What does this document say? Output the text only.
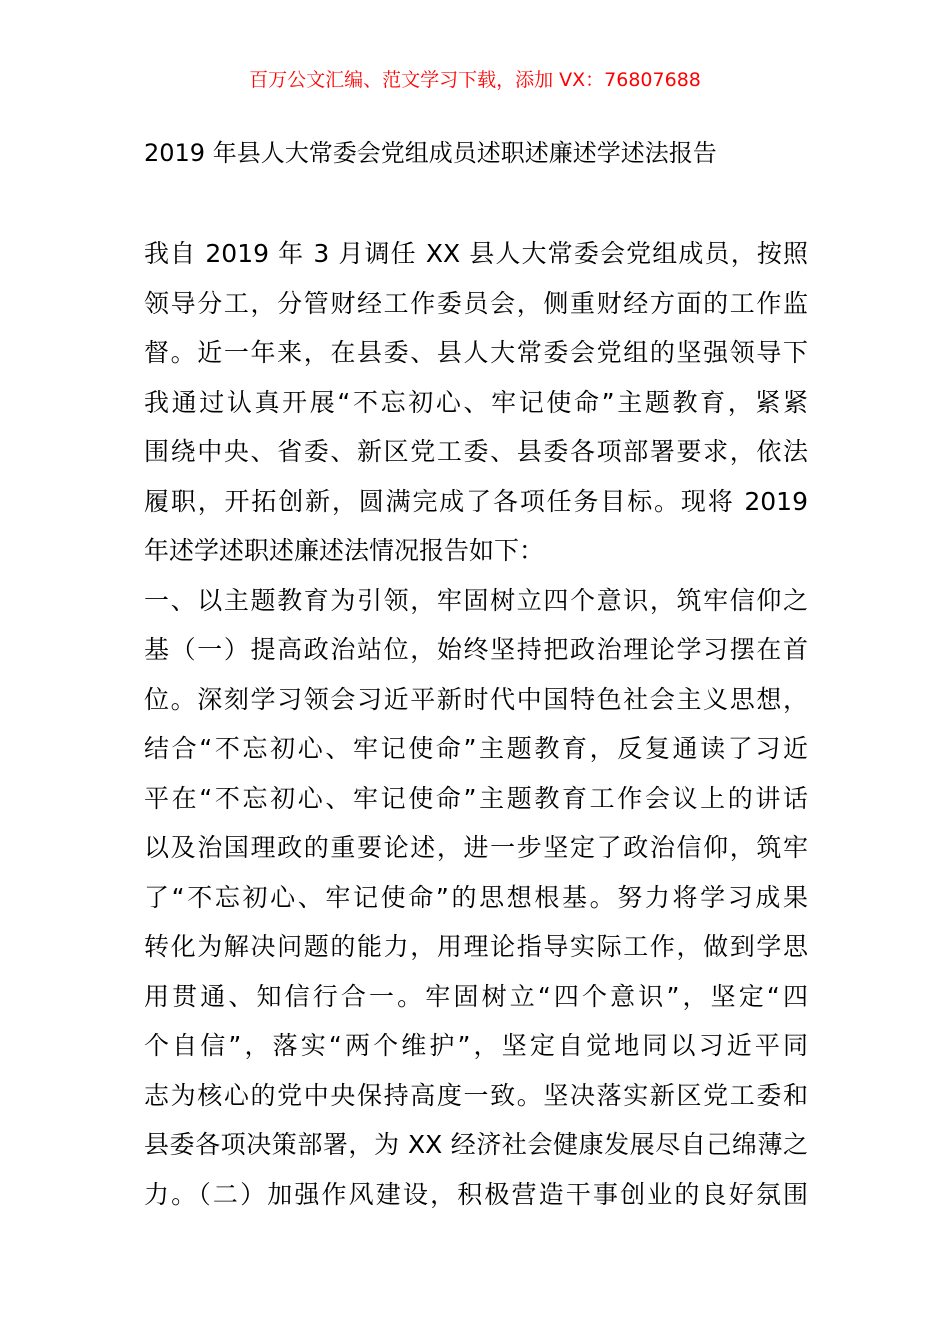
百万公文汇编、范文学习下载，添加 VX：76807688
2019 年县人大常委会党组成员述职述廉述学述法报告
我自 2019 年 3 月调任 XX 县人大常委会党组成员，按照
领导分工，分管财经工作委员会，侧重财经方面的工作监
督。近一年来，在县委、县人大常委会党组的坚强领导下
我通过认真开展“不忘初心、牢记使命”主题教育，紧紧
围绕中央、省委、新区党工委、县委各项部署要求，依法
履职，开拓创新，圆满完成了各项任务目标。现将 2019
年述学述职述廉述法情况报告如下：
一、以主题教育为引领，牢固树立四个意识，筑牢信仰之
基（一）提高政治站位，始终坚持把政治理论学习摆在首
位。深刻学习领会习近平新时代中国特色社会主义思想，
结合“不忘初心、牢记使命”主题教育，反复通读了习近
平在“不忘初心、牢记使命”主题教育工作会议上的讲话
以及治国理政的重要论述，进一步坚定了政治信仰，筑牢
了“不忘初心、牢记使命”的思想根基。努力将学习成果
转化为解决问题的能力，用理论指导实际工作，做到学思
用贯通、知信行合一。牢固树立“四个意识”，坚定“四
个自信”，落实“两个维护”，坚定自觉地同以习近平同
志为核心的党中央保持高度一致。坚决落实新区党工委和
县委各项决策部署，为 XX 经济社会健康发展尽自己绵薄之
力。（二）加强作风建设，积极营造干事创业的良好氛围
